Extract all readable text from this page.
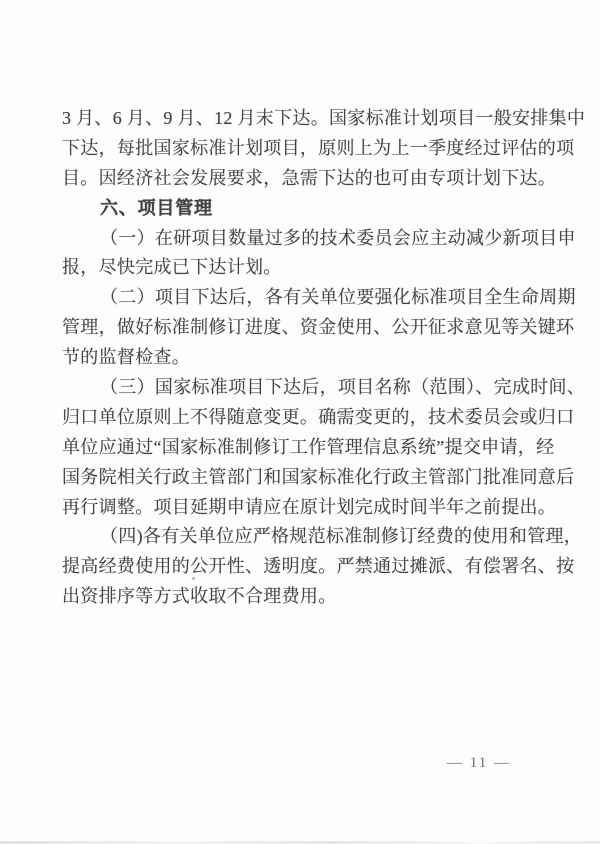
3 月、6 月、9 月、12 月末下达。国家标准计划项目一般安排集中
下达，每批国家标准计划项目，原则上为上一季度经过评估的项
目。因经济社会发展要求，急需下达的也可由专项计划下达。
六、项目管理
（一）在研项目数量过多的技术委员会应主动减少新项目申
报，尽快完成已下达计划。
（二）项目下达后，各有关单位要强化标准项目全生命周期
管理，做好标准制修订进度、资金使用、公开征求意见等关键环
节的监督检查。
（三）国家标准项目下达后，项目名称（范围）、完成时间、
归口单位原则上不得随意变更。确需变更的，技术委员会或归口
单位应通过“国家标准制修订工作管理信息系统”提交申请，经
国务院相关行政主管部门和国家标准化行政主管部门批准同意后
再行调整。项目延期申请应在原计划完成时间半年之前提出。
（四)各有关单位应严格规范标准制修订经费的使用和管理，
提高经费使用的公开性、透明度。严禁通过摊派、有偿署名、按
出资排序等方式收取不合理费用。
— 11 —
